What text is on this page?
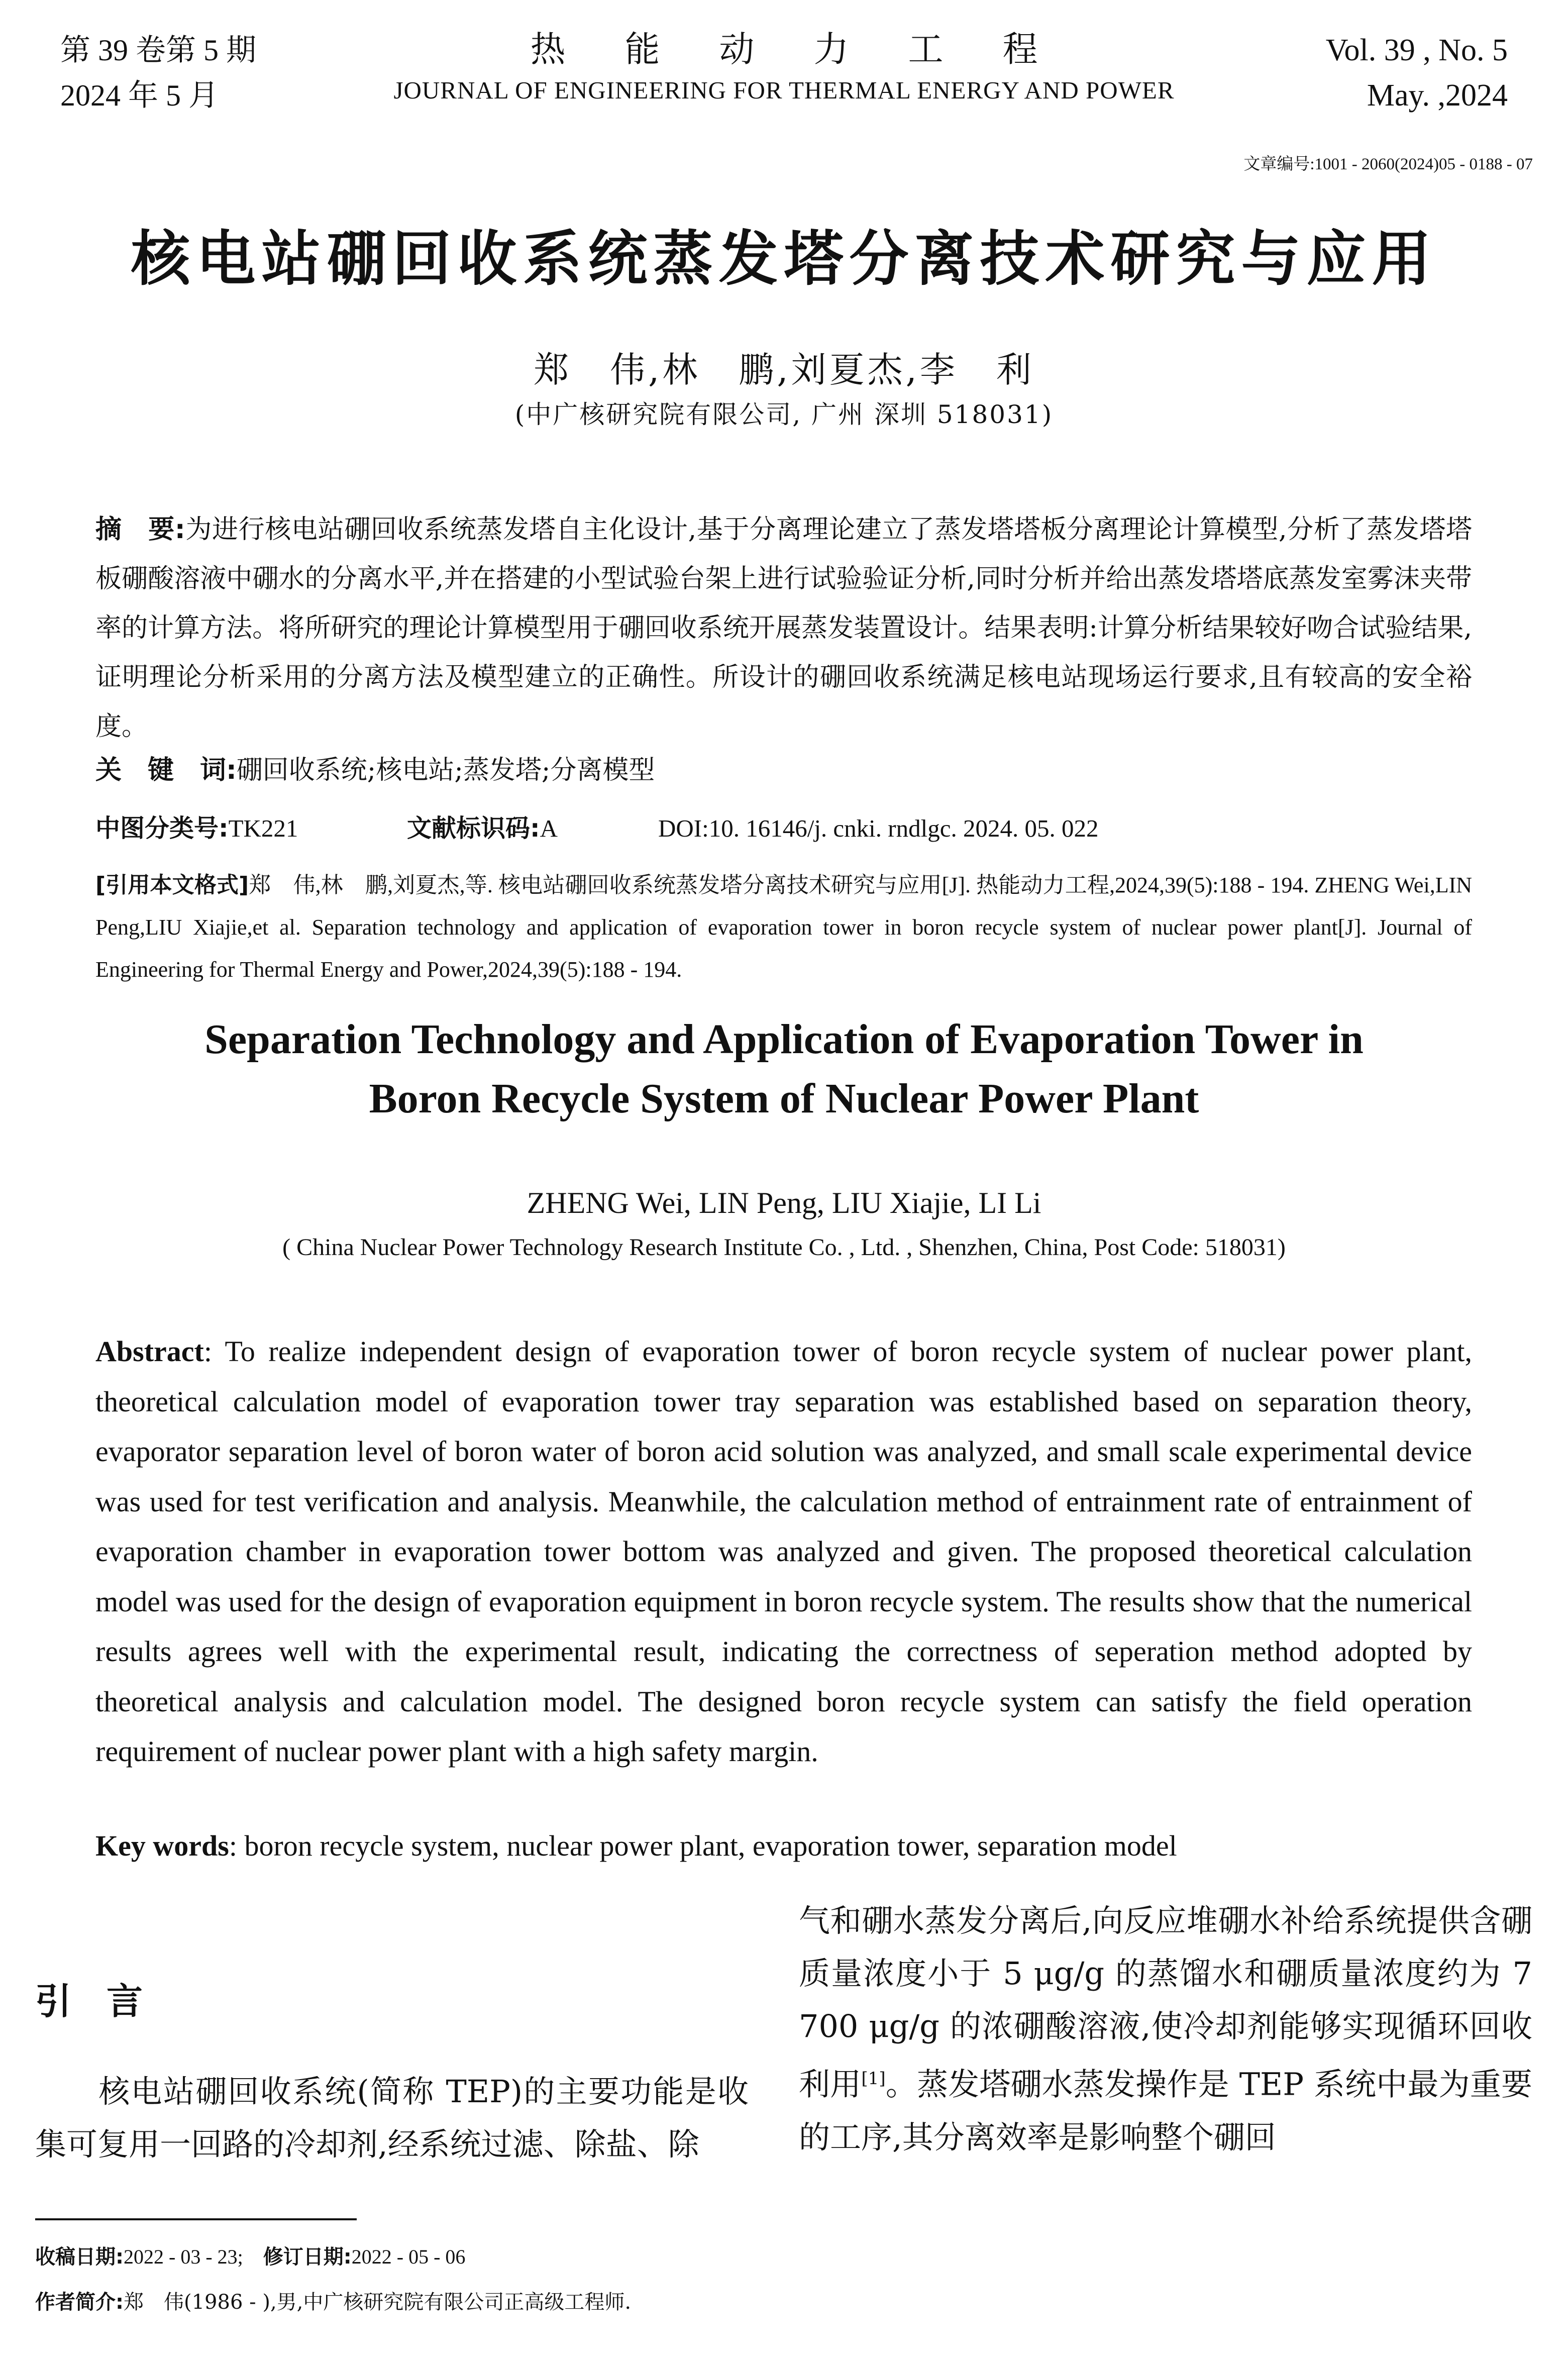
第 39 卷第 5 期
2024 年 5 月
热能动力工程
JOURNAL OF ENGINEERING FOR THERMAL ENERGY AND POWER
Vol. 39 , No. 5
May. ,2024
文章编号:1001 - 2060(2024)05 - 0188 - 07
核电站硼回收系统蒸发塔分离技术研究与应用
郑　伟,林　鹏,刘夏杰,李　利
(中广核研究院有限公司, 广州 深圳 518031)
摘　要:为进行核电站硼回收系统蒸发塔自主化设计,基于分离理论建立了蒸发塔塔板分离理论计算模型,分析了蒸发塔塔板硼酸溶液中硼水的分离水平,并在搭建的小型试验台架上进行试验验证分析,同时分析并给出蒸发塔塔底蒸发室雾沫夹带率的计算方法。将所研究的理论计算模型用于硼回收系统开展蒸发装置设计。结果表明:计算分析结果较好吻合试验结果,证明理论分析采用的分离方法及模型建立的正确性。所设计的硼回收系统满足核电站现场运行要求,且有较高的安全裕度。
关　键　词:硼回收系统;核电站;蒸发塔;分离模型
中图分类号:TK221	文献标识码:A	DOI:10. 16146/j. cnki. rndlgc. 2024. 05. 022
[引用本文格式]郑　伟,林　鹏,刘夏杰,等. 核电站硼回收系统蒸发塔分离技术研究与应用[J]. 热能动力工程,2024,39(5):188 - 194. ZHENG Wei,LIN Peng,LIU Xiajie,et al. Separation technology and application of evaporation tower in boron recycle system of nuclear power plant[J]. Journal of Engineering for Thermal Energy and Power,2024,39(5):188 - 194.
Separation Technology and Application of Evaporation Tower in
Boron Recycle System of Nuclear Power Plant
ZHENG Wei, LIN Peng, LIU Xiajie, LI Li
( China Nuclear Power Technology Research Institute Co. , Ltd. , Shenzhen, China, Post Code: 518031)
Abstract: To realize independent design of evaporation tower of boron recycle system of nuclear power plant, theoretical calculation model of evaporation tower tray separation was established based on separation theory, evaporator separation level of boron water of boron acid solution was analyzed, and small scale experimental device was used for test verification and analysis. Meanwhile, the calculation method of entrainment rate of entrainment of evaporation chamber in evaporation tower bottom was analyzed and given. The proposed theoretical calculation model was used for the design of evaporation equipment in boron recycle system. The results show that the numerical results agrees well with the experimental result, indicating the correctness of seperation method adopted by theoretical analysis and calculation model. The designed boron recycle system can satisfy the field operation requirement of nuclear power plant with a high safety margin.
Key words: boron recycle system, nuclear power plant, evaporation tower, separation model
引言
核电站硼回收系统(简称 TEP)的主要功能是收集可复用一回路的冷却剂,经系统过滤、除盐、除
气和硼水蒸发分离后,向反应堆硼水补给系统提供含硼质量浓度小于 5 μg/g 的蒸馏水和硼质量浓度约为 7 700 μg/g 的浓硼酸溶液,使冷却剂能够实现循环回收利用[1]。蒸发塔硼水蒸发操作是 TEP 系统中最为重要的工序,其分离效率是影响整个硼回
收稿日期:2022 - 03 - 23; 修订日期:2022 - 05 - 06
作者简介:郑　伟(1986 - ),男,中广核研究院有限公司正高级工程师.
